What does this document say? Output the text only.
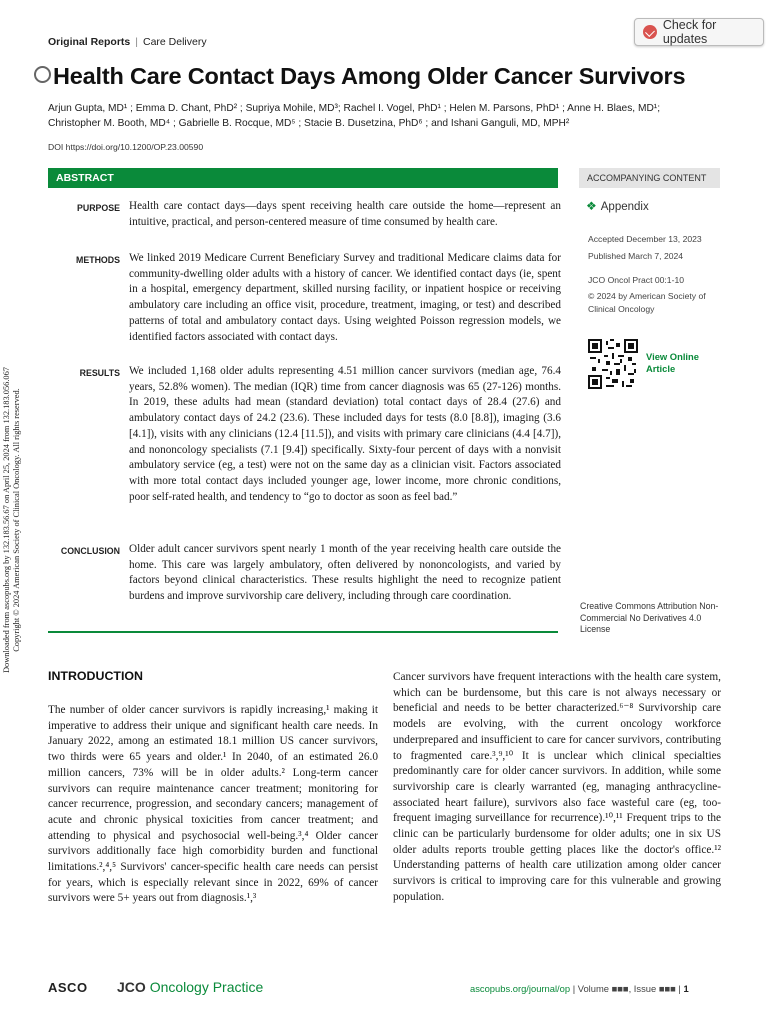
Downloaded from ascopubs.org by 132.183.56.67 on April 25, 2024 from 132.183.056.067 Copyright © 2024 American Society of Clinical Oncology. All rights reserved.
Original Reports | Care Delivery
Check for updates
Health Care Contact Days Among Older Cancer Survivors
Arjun Gupta, MD¹ ; Emma D. Chant, PhD² ; Supriya Mohile, MD³; Rachel I. Vogel, PhD¹ ; Helen M. Parsons, PhD¹ ; Anne H. Blaes, MD¹;
Christopher M. Booth, MD⁴ ; Gabrielle B. Rocque, MD⁵ ; Stacie B. Dusetzina, PhD⁶ ; and Ishani Ganguli, MD, MPH²
DOI https://doi.org/10.1200/OP.23.00590
ABSTRACT	ACCOMPANYING CONTENT
PURPOSE Health care contact days—days spent receiving health care outside the home—represent an intuitive, practical, and person-centered measure of time consumed by health care.
METHODS We linked 2019 Medicare Current Beneficiary Survey and traditional Medicare claims data for community-dwelling older adults with a history of cancer. We identified contact days (ie, spent in a hospital, emergency department, skilled nursing facility, or inpatient hospice or receiving ambulatory care including an office visit, procedure, treatment, imaging, or test) and described patterns of total and ambulatory contact days. Using weighted Poisson regression models, we identified factors associated with contact days.
RESULTS We included 1,168 older adults representing 4.51 million cancer survivors (median age, 76.4 years, 52.8% women). The median (IQR) time from cancer diagnosis was 65 (27-126) months. In 2019, these adults had mean (standard deviation) total contact days of 28.4 (27.6) and ambulatory contact days of 24.2 (23.6). These included days for tests (8.0 [8.8]), imaging (3.6 [4.1]), visits with any clinicians (12.4 [11.5]), and visits with primary care clinicians (4.4 [4.7]), and nononcology specialists (7.1 [9.4]) specifically. Sixty-four percent of days with a nonvisit ambulatory service (eg, a test) were not on the same day as a clinician visit. Factors associated with more total contact days included younger age, lower income, more chronic conditions, poor self-rated health, and tendency to “go to doctor as soon as feel bad.”
CONCLUSION Older adult cancer survivors spent nearly 1 month of the year receiving health care outside the home. This care was largely ambulatory, often delivered by nononcologists, and varied by factors beyond clinical characteristics. These results highlight the need to recognize patient burdens and improve survivorship care delivery, including through care coordination.
❖ Appendix
Accepted December 13, 2023
Published March 7, 2024
JCO Oncol Pract 00:1-10
© 2024 by American Society of Clinical Oncology
View Online Article
Creative Commons Attribution Non-Commercial No Derivatives 4.0 License
INTRODUCTION
The number of older cancer survivors is rapidly increasing,¹ making it imperative to address their unique and significant health care needs. In January 2022, among an estimated 18.1 million US cancer survivors, two thirds were 65 years and older.¹ In 2040, of an estimated 26.0 million cancers, 73% will be in older adults.² Long-term cancer survivors can require maintenance cancer treatment; monitoring for cancer recurrence, progression, and secondary cancers; management of acute and chronic physical toxicities from cancer treatment; and attending to physical and psychosocial well-being.³,⁴ Older cancer survivors additionally face high comorbidity burden and functional limitations.²,⁴,⁵ Survivors' cancer-specific health care needs can persist for years, which is especially relevant since in 2022, 69% of cancer survivors were 5+ years out from diagnosis.¹,³
Cancer survivors have frequent interactions with the health care system, which can be burdensome, but this care is not always necessary or beneficial and needs to be better characterized.⁶⁻⁸ Survivorship care models are evolving, with the current oncology workforce underprepared and insufficient to care for cancer survivors, contributing to fragmented care.³,⁹,¹⁰ It is unclear which clinical specialties predominantly care for older cancer survivors. In addition, while some survivorship care is clearly warranted (eg, managing anthracycline-associated heart failure), survivors also face wasteful care (eg, too-frequent imaging surveillance for recurrence).¹⁰,¹¹ Frequent trips to the clinic can be particularly burdensome for older adults; one in six US older adults reports trouble getting places like the doctor's office.¹² Understanding patterns of health care utilization among older cancer survivors is critical to improving care for this vulnerable and growing population.
ASCO JCO Oncology Practice	ascopubs.org/journal/op | Volume ■■■, Issue ■■■ | 1
